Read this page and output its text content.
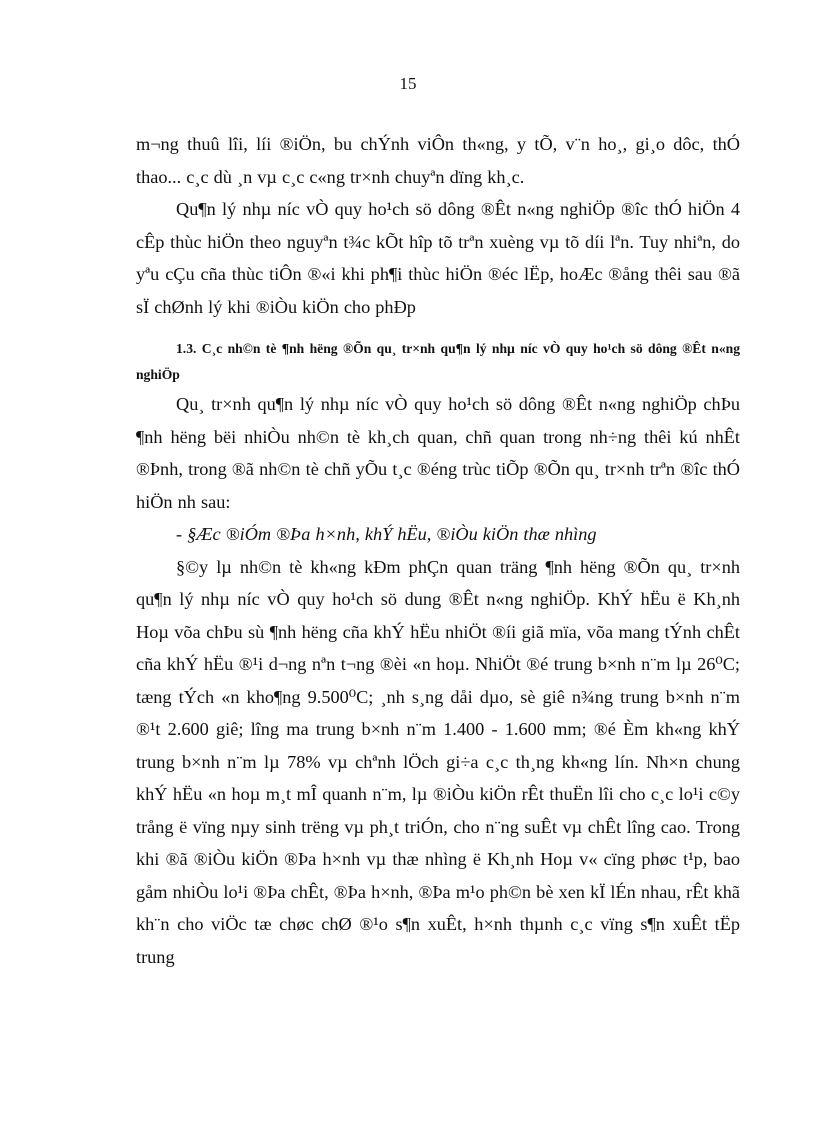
15

m¬ng thuû lîi, líi ®iÖn, bu chÝnh viÔn th«ng, y tÕ, v¨n ho¸, gi¸o dôc, thÓ thao... c¸c dù ¸n vµ c¸c c«ng tr×nh chuyªn dïng kh¸c.

Qu¶n lý nhµ níc vÒ quy ho¹ch sö dông ®Êt n«ng nghiÖp ®îc thÓ hiÖn 4 cÊp thùc hiÖn theo nguyªn t¾c kÕt hîp tõ trªn xuèng vµ tõ díi lªn. Tuy nhiªn, do yªu cÇu cña thùc tiÔn ®«i khi ph¶i thùc hiÖn ®éc lËp, hoÆc ®ång thêi sau ®ã sÏ chØnh lý khi ®iÒu kiÖn cho phÐp

1.3. C¸c nh©n tè ¶nh hëng ®Õn qu¸ tr×nh qu¶n lý nhµ níc vÒ quy ho¹ch sö dông ®Êt n«ng nghiÖp

Qu¸ tr×nh qu¶n lý nhµ níc vÒ quy ho¹ch sö dông ®Êt n«ng nghiÖp chÞu ¶nh hëng bëi nhiÒu nh©n tè kh¸ch quan, chñ quan trong nh÷ng thêi kú nhÊt ®Þnh, trong ®ã nh©n tè chñ yÕu t¸c ®éng trùc tiÕp ®Õn qu¸ tr×nh trªn ®îc thÓ hiÖn nh sau:

- §Æc ®iÓm ®Þa h×nh, khÝ hËu, ®iÒu kiÖn thæ nhìng

§©y lµ nh©n tè kh«ng kÐm phÇn quan träng ¶nh hëng ®Õn qu¸ tr×nh qu¶n lý nhµ níc vÒ quy ho¹ch sö dung ®Êt n«ng nghiÖp. KhÝ hËu ë Kh¸nh Hoµ võa chÞu sù ¶nh hëng cña khÝ hËu nhiÖt ®íi giã mïa, võa mang tÝnh chÊt cña khÝ hËu ®¹i d¬ng nªn t¬ng ®èi «n hoµ. NhiÖt ®é trung b×nh n¨m lµ 26⁰C; tæng tÝch «n kho¶ng 9.500⁰C; ¸nh s¸ng dåi dµo, sè giê n¾ng trung b×nh n¨m ®¹t 2.600 giê; lîng ma trung b×nh n¨m 1.400 - 1.600 mm; ®é Èm kh«ng khÝ trung b×nh n¨m lµ 78% vµ chªnh lÖch gi÷a c¸c th¸ng kh«ng lín. Nh×n chung khÝ hËu «n hoµ m¸t mÎ quanh n¨m, lµ ®iÒu kiÖn rÊt thuËn lîi cho c¸c lo¹i c©y trång ë vïng nµy sinh trëng vµ ph¸t triÓn, cho n¨ng suÊt vµ chÊt lîng cao. Trong khi ®ã ®iÒu kiÖn ®Þa h×nh vµ thæ nhìng ë Kh¸nh Hoµ v« cïng phøc t¹p, bao gåm nhiÒu lo¹i ®Þa chÊt, ®Þa h×nh, ®Þa m¹o ph©n bè xen kÏ lÉn nhau, rÊt khã kh¨n cho viÖc tæ chøc chØ ®¹o s¶n xuÊt, h×nh thµnh c¸c vïng s¶n xuÊt tËp trung
